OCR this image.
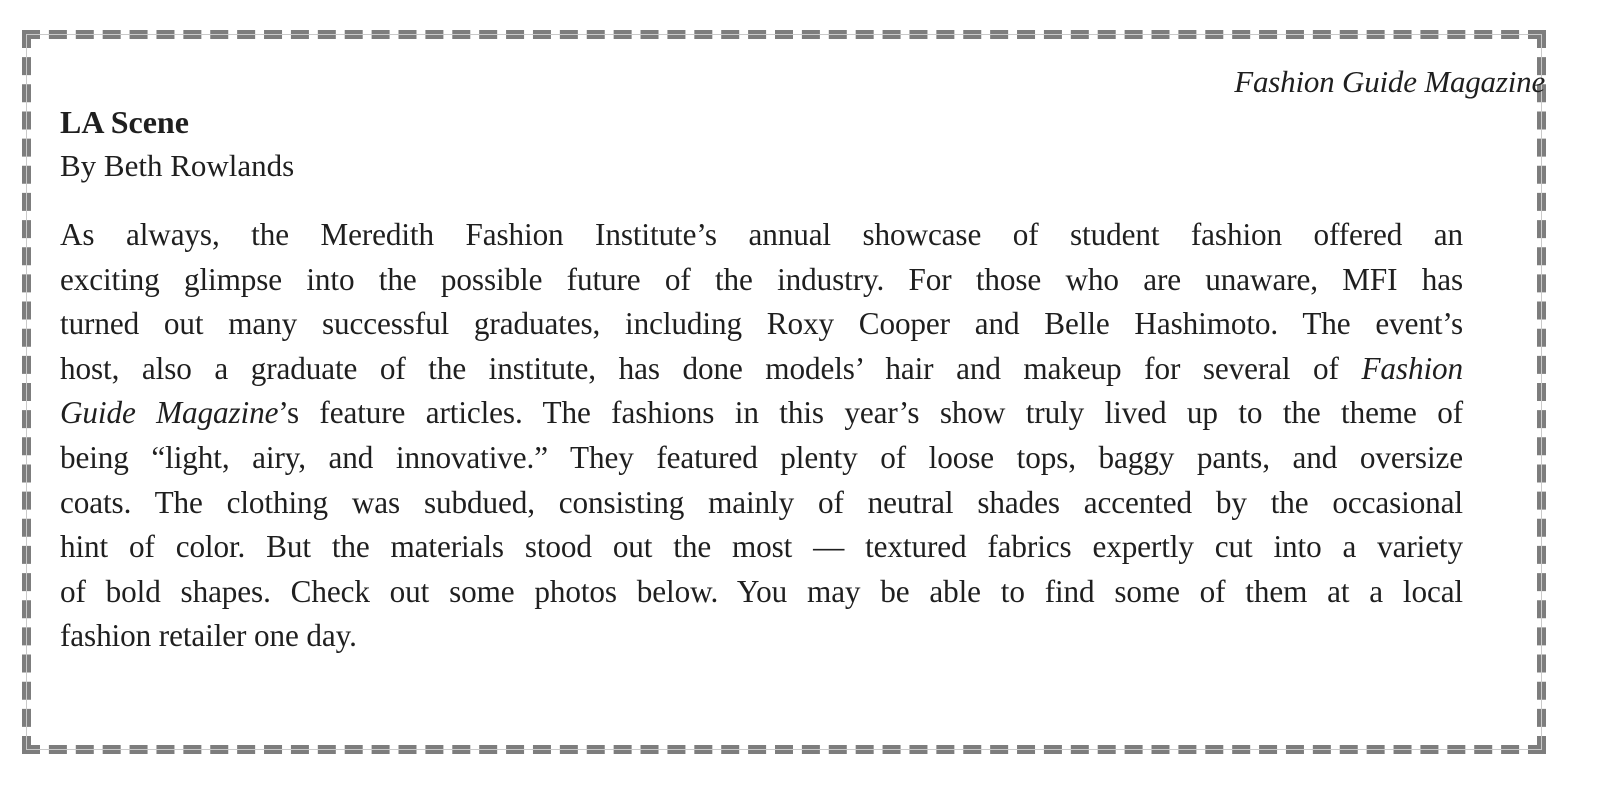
Fashion Guide Magazine

LA Scene

By Beth Rowlands

As always, the Meredith Fashion Institute’s annual showcase of student fashion offered an
exciting glimpse into the possible future of the industry. For those who are unaware, MFI has
turned out many successful graduates, including Roxy Cooper and Belle Hashimoto. The event’s
host, also a graduate of the institute, has done models’ hair and makeup for several of Fashion
Guide Magazine’s feature articles. The fashions in this year’s show truly lived up to the theme of
being “light, airy, and innovative.” They featured plenty of loose tops, baggy pants, and oversize
coats. The clothing was subdued, consisting mainly of neutral shades accented by the occasional
hint of color. But the materials stood out the most — textured fabrics expertly cut into a variety
of bold shapes. Check out some photos below. You may be able to find some of them at a local
fashion retailer one day.
